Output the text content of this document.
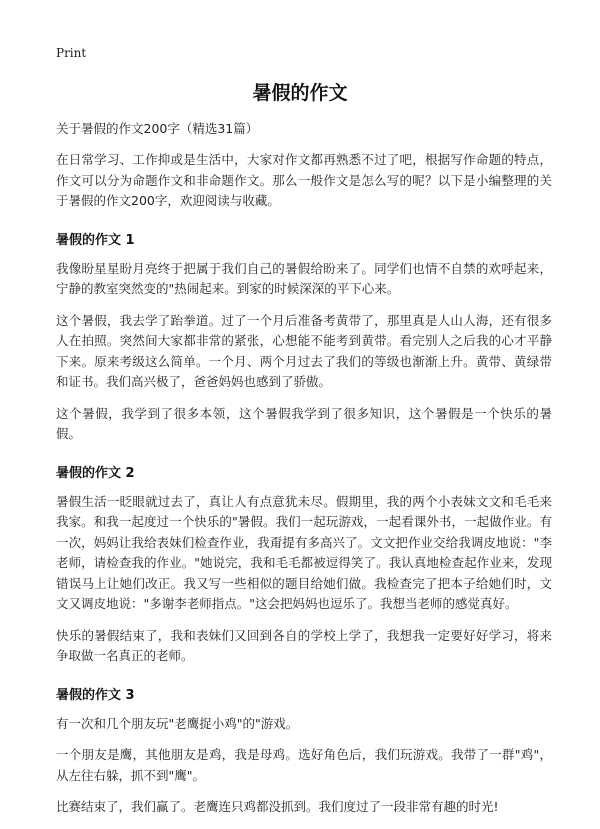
Print
暑假的作文

关于暑假的作文200字（精选31篇）

在日常学习、工作抑或是生活中，大家对作文都再熟悉不过了吧，根据写作命题的特点，作文可以分为命题作文和非命题作文。那么一般作文是怎么写的呢？以下是小编整理的关于暑假的作文200字，欢迎阅读与收藏。

暑假的作文 1

我像盼星星盼月亮终于把属于我们自己的暑假给盼来了。同学们也情不自禁的欢呼起来，宁静的教室突然变的"热闹起来。到家的时候深深的平下心来。

这个暑假，我去学了跆拳道。过了一个月后准备考黄带了，那里真是人山人海，还有很多人在拍照。突然间大家都非常的紧张，心想能不能考到黄带。看完别人之后我的心才平静下来。原来考级这么简单。一个月、两个月过去了我们的等级也渐渐上升。黄带、黄绿带和证书。我们高兴极了，爸爸妈妈也感到了骄傲。

这个暑假，我学到了很多本领，这个暑假我学到了很多知识，这个暑假是一个快乐的暑假。

暑假的作文 2

暑假生活一眨眼就过去了，真让人有点意犹未尽。假期里，我的两个小表妹文文和毛毛来我家。和我一起度过一个快乐的"暑假。我们一起玩游戏，一起看课外书，一起做作业。有一次，妈妈让我给表妹们检查作业，我甭提有多高兴了。文文把作业交给我调皮地说："李老师，请检查我的作业。"她说完，我和毛毛都被逗得笑了。我认真地检查起作业来，发现错误马上让她们改正。我又写一些相似的题目给她们做。我检查完了把本子给她们时，文文又调皮地说："多谢李老师指点。"这会把妈妈也逗乐了。我想当老师的感觉真好。

快乐的暑假结束了，我和表妹们又回到各自的学校上学了，我想我一定要好好学习，将来争取做一名真正的老师。

暑假的作文 3

有一次和几个朋友玩"老鹰捉小鸡"的"游戏。

一个朋友是鹰，其他朋友是鸡，我是母鸡。选好角色后，我们玩游戏。我带了一群"鸡"，从左往右躲，抓不到"鹰"。

比赛结束了，我们赢了。老鹰连只鸡都没抓到。我们度过了一段非常有趣的时光!
